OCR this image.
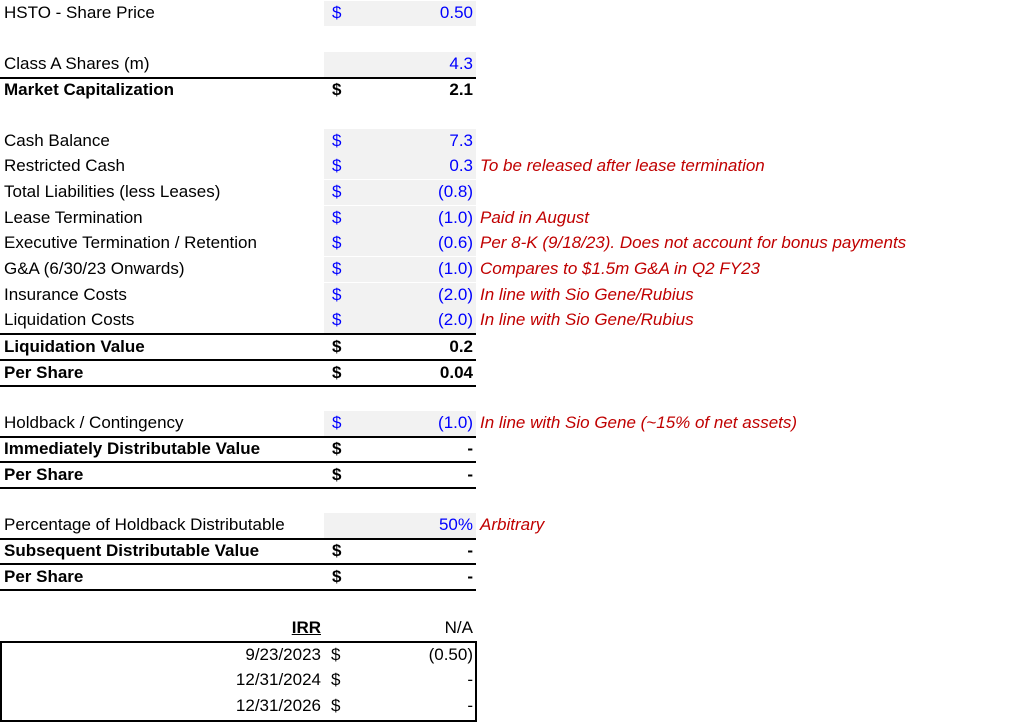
HSTO - Share Price	$	0.50
Class A Shares (m)	4.3
Market Capitalization	$	2.1
Cash Balance	$	7.3
Restricted Cash	$	0.3 To be released after lease termination
Total Liabilities (less Leases)	$	(0.8)
Lease Termination	$	(1.0) Paid in August
Executive Termination / Retention	$	(0.6) Per 8-K (9/18/23). Does not account for bonus payments
G&A (6/30/23 Onwards)	$	(1.0) Compares to $1.5m G&A in Q2 FY23
Insurance Costs	$	(2.0) In line with Sio Gene/Rubius
Liquidation Costs	$	(2.0) In line with Sio Gene/Rubius
Liquidation Value	$	0.2
Per Share	$	0.04
Holdback / Contingency	$	(1.0) In line with Sio Gene (~15% of net assets)
Immediately Distributable Value	$	-
Per Share	$	-
Percentage of Holdback Distributable	50% Arbitrary
Subsequent Distributable Value	$	-
Per Share	$	-
IRR	N/A
9/23/2023 $	(0.50)
12/31/2024 $	-
12/31/2026 $	-
